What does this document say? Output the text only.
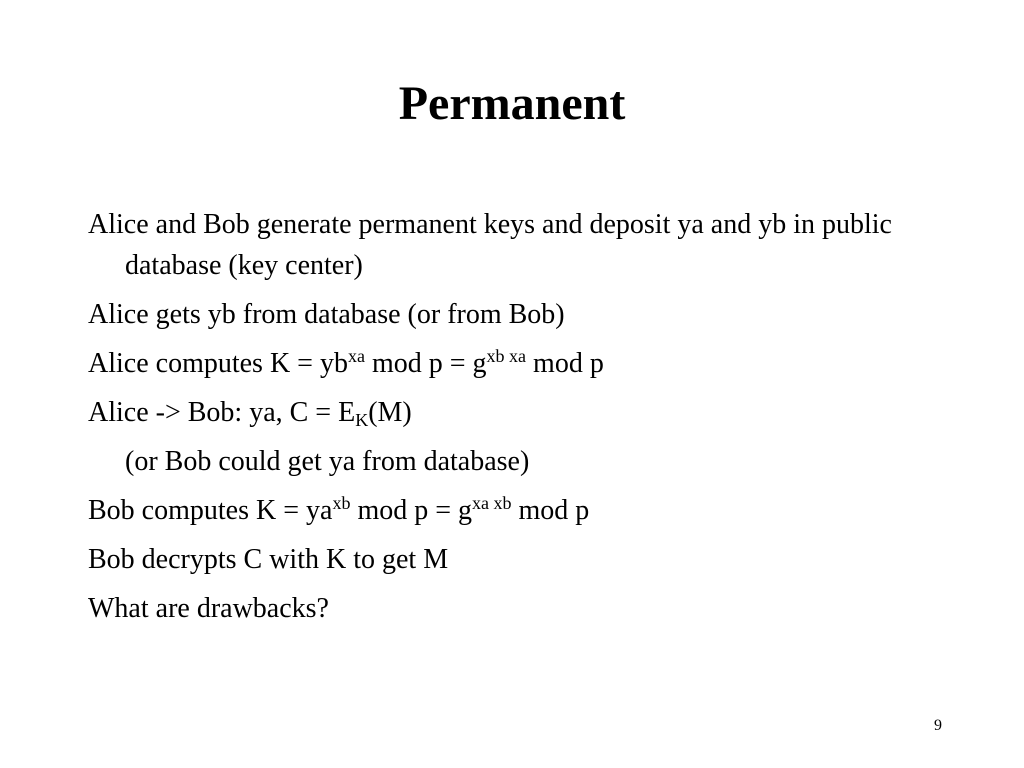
Permanent

Alice and Bob generate permanent keys and deposit ya and yb in public database (key center)

Alice gets yb from database (or from Bob)

Alice computes $K = yb^{xa}$ mod $p = g^{xb xa}$ mod p

Alice -> Bob: ya, C = EK(M)

(or Bob could get ya from database)

Bob computes $K = ya^{xb}$ mod $p = g^{xa xb}$ mod p

Bob decrypts C with K to get M

What are drawbacks?

9
